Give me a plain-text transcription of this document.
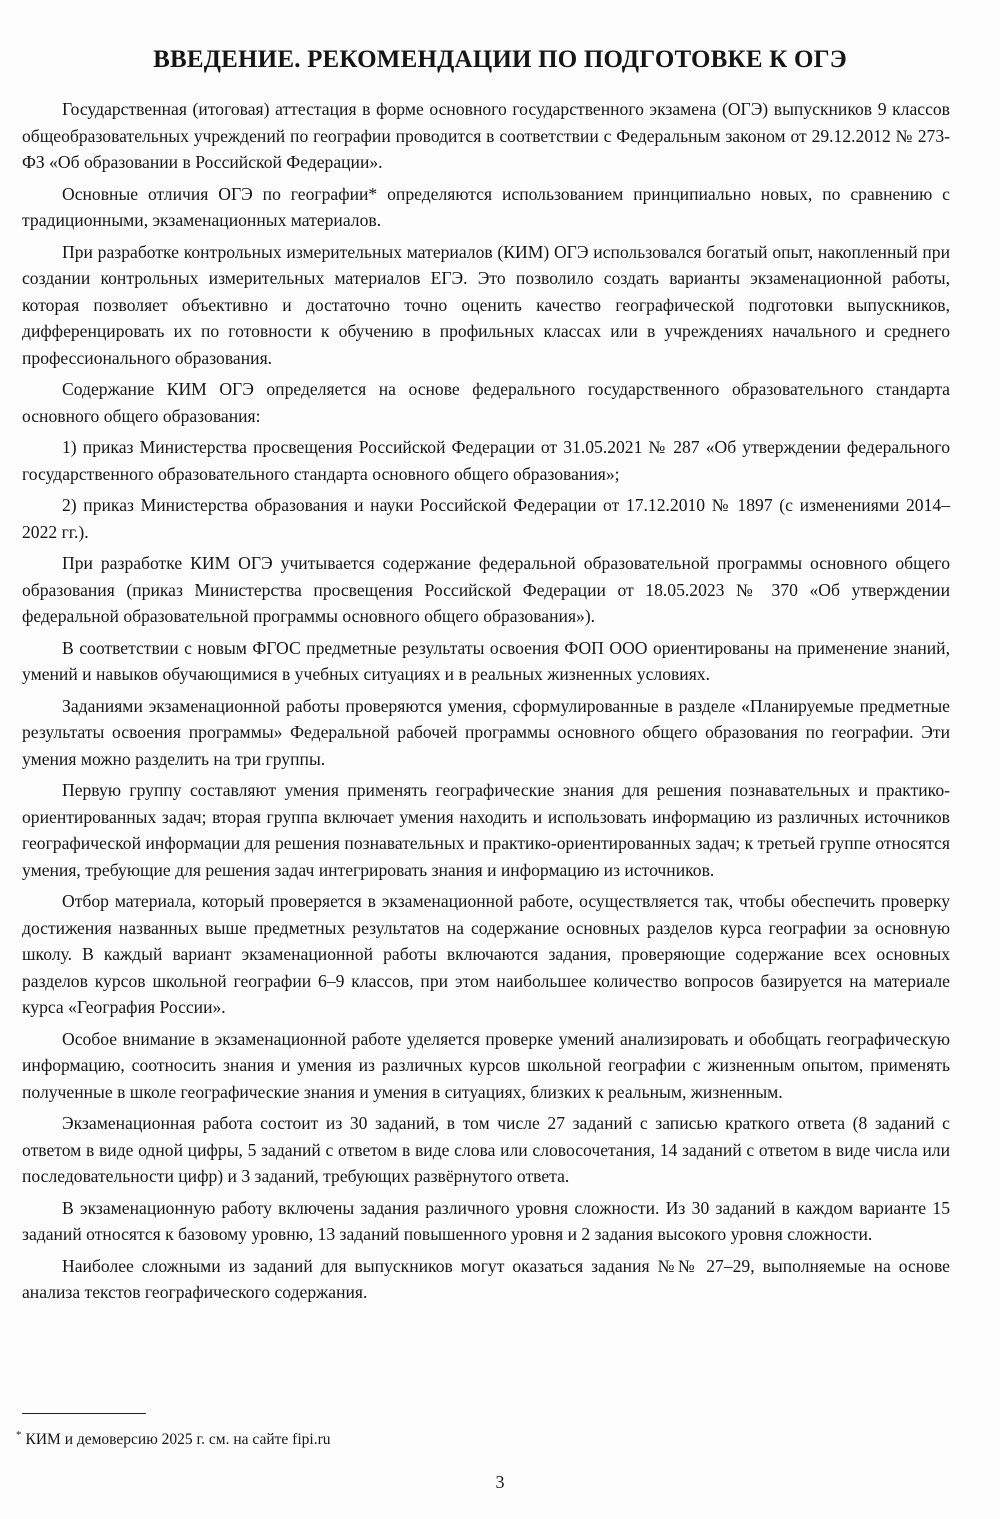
ВВЕДЕНИЕ. РЕКОМЕНДАЦИИ ПО ПОДГОТОВКЕ К ОГЭ

Государственная (итоговая) аттестация в форме основного государственного экзамена (ОГЭ) выпускников 9 классов общеобразовательных учреждений по географии проводится в соответствии с Федеральным законом от 29.12.2012 № 273-ФЗ «Об образовании в Российской Федерации».

Основные отличия ОГЭ по географии* определяются использованием принципиально новых, по сравнению с традиционными, экзаменационных материалов.

При разработке контрольных измерительных материалов (КИМ) ОГЭ использовался богатый опыт, накопленный при создании контрольных измерительных материалов ЕГЭ. Это позволило создать варианты экзаменационной работы, которая позволяет объективно и достаточно точно оценить качество географической подготовки выпускников, дифференцировать их по готовности к обучению в профильных классах или в учреждениях начального и среднего профессионального образования.

Содержание КИМ ОГЭ определяется на основе федерального государственного образовательного стандарта основного общего образования:

1) приказ Министерства просвещения Российской Федерации от 31.05.2021 № 287 «Об утверждении федерального государственного образовательного стандарта основного общего образования»;

2) приказ Министерства образования и науки Российской Федерации от 17.12.2010 № 1897 (с изменениями 2014–2022 гг.).

При разработке КИМ ОГЭ учитывается содержание федеральной образовательной программы основного общего образования (приказ Министерства просвещения Российской Федерации от 18.05.2023 № 370 «Об утверждении федеральной образовательной программы основного общего образования»).

В соответствии с новым ФГОС предметные результаты освоения ФОП ООО ориентированы на применение знаний, умений и навыков обучающимися в учебных ситуациях и в реальных жизненных условиях.

Заданиями экзаменационной работы проверяются умения, сформулированные в разделе «Планируемые предметные результаты освоения программы» Федеральной рабочей программы основного общего образования по географии. Эти умения можно разделить на три группы.

Первую группу составляют умения применять географические знания для решения познавательных и практико-ориентированных задач; вторая группа включает умения находить и использовать информацию из различных источников географической информации для решения познавательных и практико-ориентированных задач; к третьей группе относятся умения, требующие для решения задач интегрировать знания и информацию из источников.

Отбор материала, который проверяется в экзаменационной работе, осуществляется так, чтобы обеспечить проверку достижения названных выше предметных результатов на содержание основных разделов курса географии за основную школу. В каждый вариант экзаменационной работы включаются задания, проверяющие содержание всех основных разделов курсов школьной географии 6–9 классов, при этом наибольшее количество вопросов базируется на материале курса «География России».

Особое внимание в экзаменационной работе уделяется проверке умений анализировать и обобщать географическую информацию, соотносить знания и умения из различных курсов школьной географии с жизненным опытом, применять полученные в школе географические знания и умения в ситуациях, близких к реальным, жизненным.

Экзаменационная работа состоит из 30 заданий, в том числе 27 заданий с записью краткого ответа (8 заданий с ответом в виде одной цифры, 5 заданий с ответом в виде слова или словосочетания, 14 заданий с ответом в виде числа или последовательности цифр) и 3 заданий, требующих развёрнутого ответа.

В экзаменационную работу включены задания различного уровня сложности. Из 30 заданий в каждом варианте 15 заданий относятся к базовому уровню, 13 заданий повышенного уровня и 2 задания высокого уровня сложности.

Наиболее сложными из заданий для выпускников могут оказаться задания №№ 27–29, выполняемые на основе анализа текстов географического содержания.

* КИМ и демоверсию 2025 г. см. на сайте fipi.ru

3
